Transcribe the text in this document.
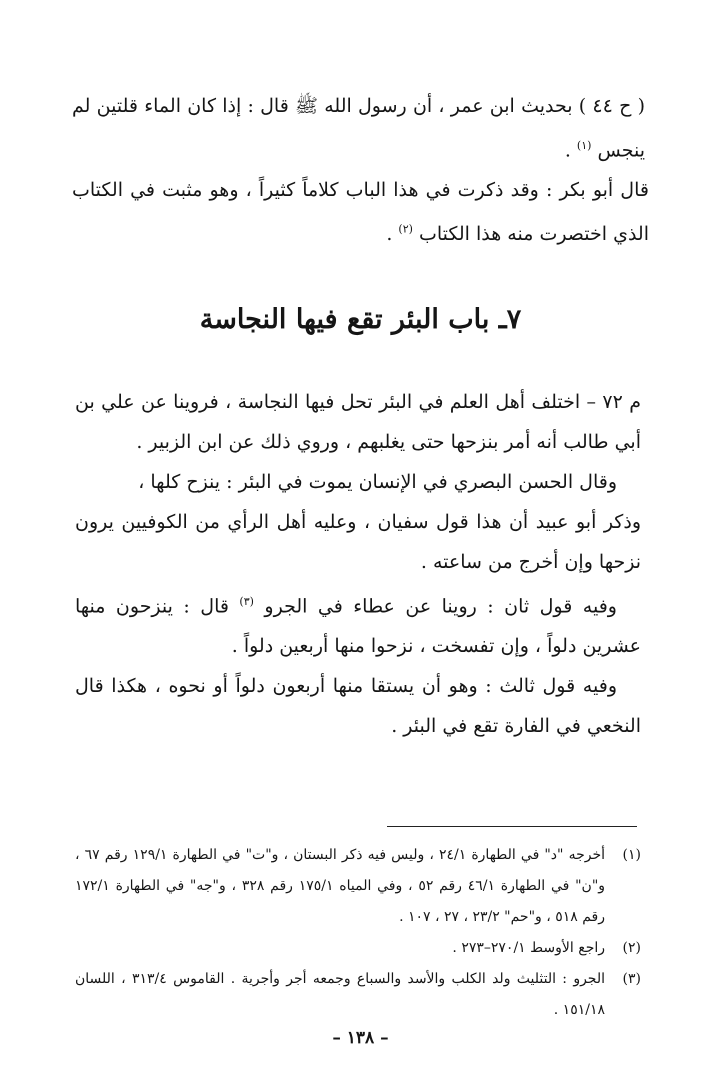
( ح ٤٤ ) بحديث ابن عمر ، أن رسول الله ﷺ قال : إذا كان الماء قلتين لم ينجس $^{(١)}$ .

قال أبو بكر : وقد ذكرت في هذا الباب كلاماً كثيراً ، وهو مثبت في الكتاب الذي اختصرت منه هذا الكتاب $^{(٢)}$ .

٧ـ باب البئر تقع فيها النجاسة
م ٧٢ – اختلف أهل العلم في البئر تحل فيها النجاسة ، فروينا عن علي بن أبي طالب أنه أمر بنزحها حتى يغلبهم ، وروي ذلك عن ابن الزبير .
وقال الحسن البصري في الإنسان يموت في البئر : ينزح كلها ،
وذكر أبو عبيد أن هذا قول سفيان ، وعليه أهل الرأي من الكوفيين يرون نزحها وإن أخرج من ساعته .
وفيه قول ثان : روينا عن عطاء في الجرو $^{(٣)}$ قال : ينزحون منها عشرين دلواً ، وإن تفسخت ، نزحوا منها أربعين دلواً .
وفيه قول ثالث : وهو أن يستقا منها أربعون دلواً أو نحوه ، هكذا قال النخعي في الفارة تقع في البئر .
(١)
أخرجه "د" في الطهارة ٢٤/١ ، وليس فيه ذكر البستان ، و"ت" في الطهارة ١٢٩/١ رقم ٦٧ ، و"ن" في الطهارة ٤٦/١ رقم ٥٢ ، وفي المياه ١٧٥/١ رقم ٣٢٨ ، و"جه" في الطهارة ١٧٢/١ رقم ٥١٨ ، و"حم" ٢٣/٢ ، ٢٧ ، ١٠٧ .
(٢)
راجع الأوسط ٢٧٠/١–٢٧٣ .
(٣)
الجرو : التثليث ولد الكلب والأسد والسباع وجمعه أجر وأجرية . القاموس ٣١٣/٤ ، اللسان ١٥١/١٨ .
– ١٣٨ –
